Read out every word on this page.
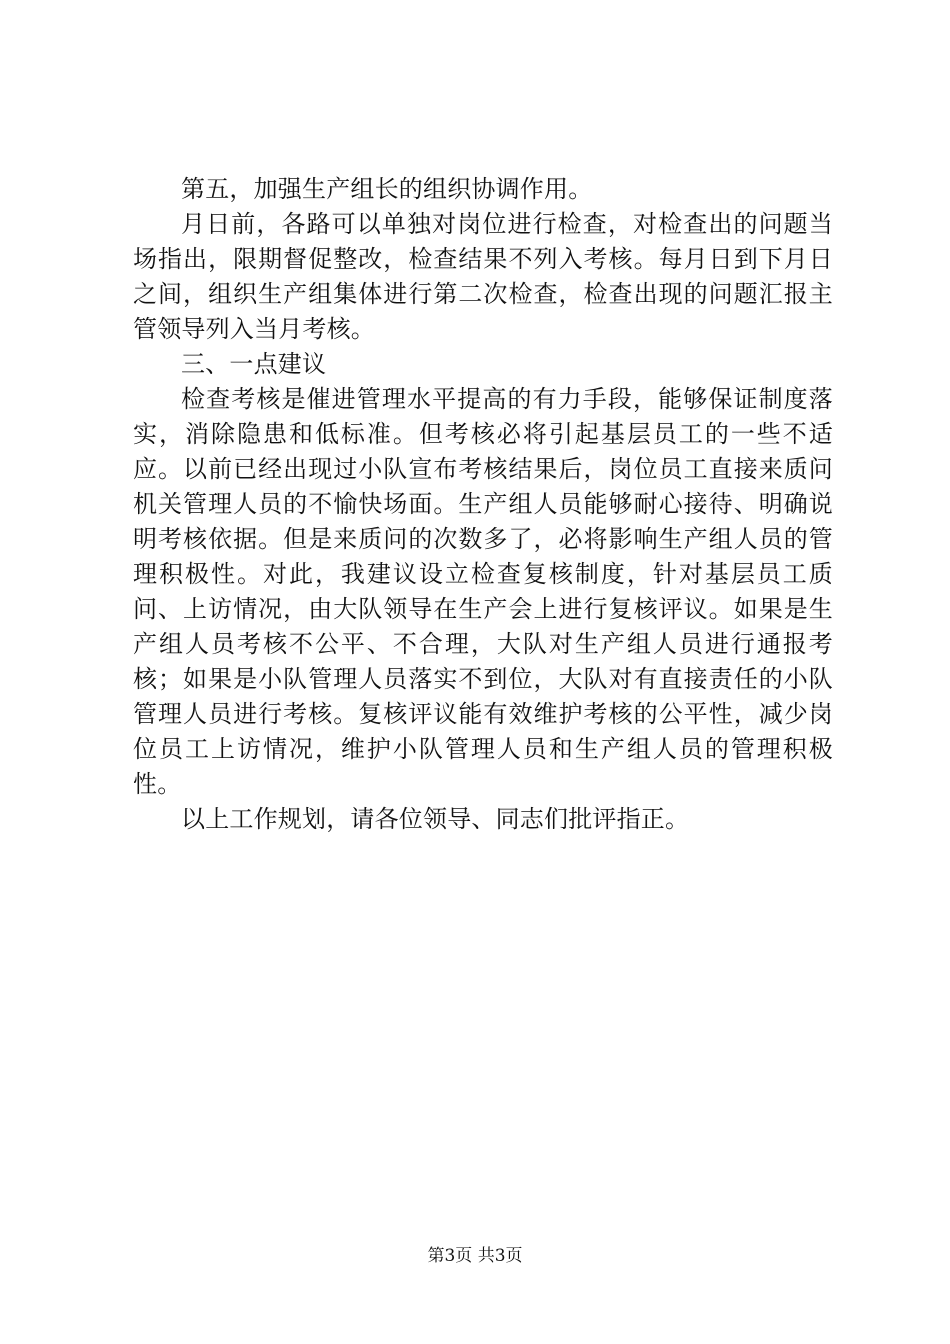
第五，加强生产组长的组织协调作用。

月日前，各路可以单独对岗位进行检查，对检查出的问题当场指出，限期督促整改，检查结果不列入考核。每月日到下月日之间，组织生产组集体进行第二次检查，检查出现的问题汇报主管领导列入当月考核。

三、一点建议

检查考核是催进管理水平提高的有力手段，能够保证制度落实，消除隐患和低标准。但考核必将引起基层员工的一些不适应。以前已经出现过小队宣布考核结果后，岗位员工直接来质问机关管理人员的不愉快场面。生产组人员能够耐心接待、明确说明考核依据。但是来质问的次数多了，必将影响生产组人员的管理积极性。对此，我建议设立检查复核制度，针对基层员工质问、上访情况，由大队领导在生产会上进行复核评议。如果是生产组人员考核不公平、不合理，大队对生产组人员进行通报考核；如果是小队管理人员落实不到位，大队对有直接责任的小队管理人员进行考核。复核评议能有效维护考核的公平性，减少岗位员工上访情况，维护小队管理人员和生产组人员的管理积极性。

以上工作规划，请各位领导、同志们批评指正。

第3页 共3页
